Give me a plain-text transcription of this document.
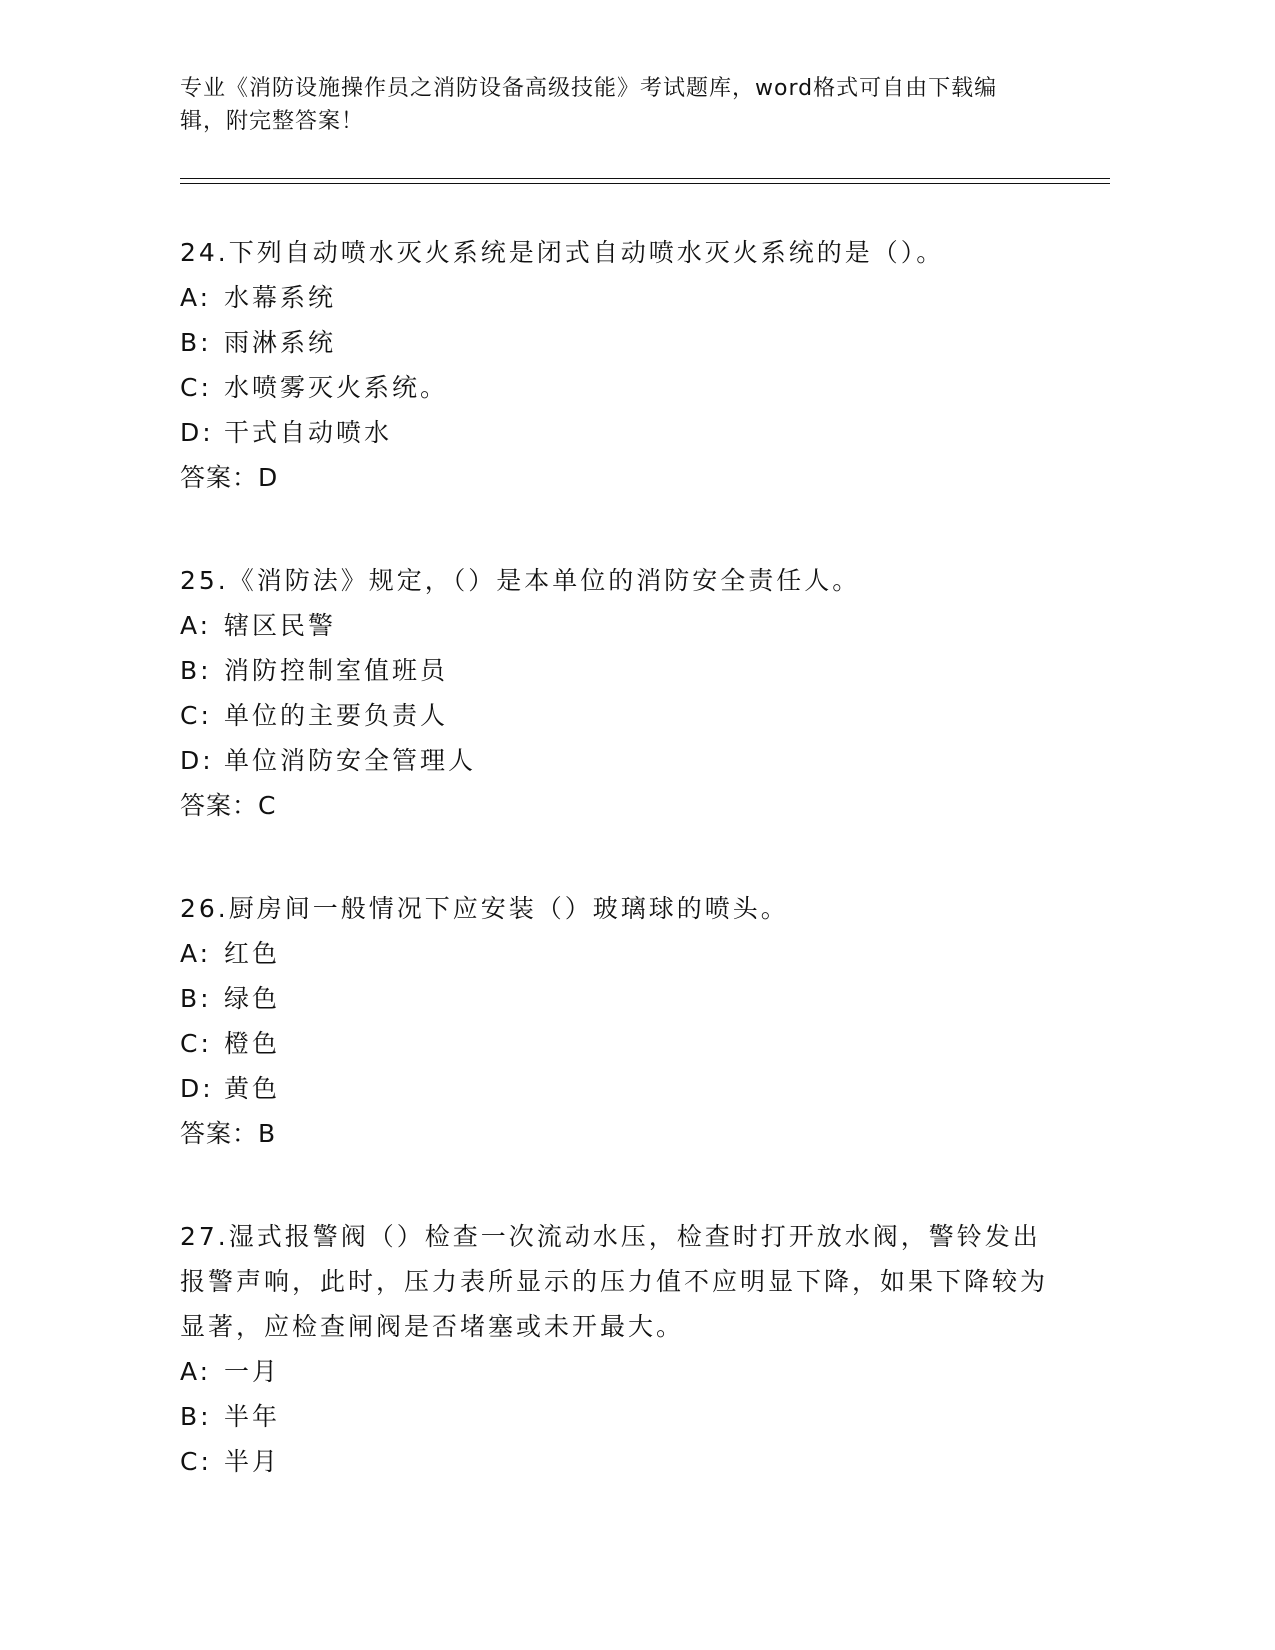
专业《消防设施操作员之消防设备高级技能》考试题库，word格式可自由下载编辑，附完整答案！
24.下列自动喷水灭火系统是闭式自动喷水灭火系统的是（）。
A: 水幕系统
B: 雨淋系统
C: 水喷雾灭火系统。
D: 干式自动喷水
答案：D
25.《消防法》规定，（）是本单位的消防安全责任人。
A: 辖区民警
B: 消防控制室值班员
C: 单位的主要负责人
D: 单位消防安全管理人
答案：C
26.厨房间一般情况下应安装（）玻璃球的喷头。
A: 红色
B: 绿色
C: 橙色
D: 黄色
答案：B
27.湿式报警阀（）检查一次流动水压，检查时打开放水阀，警铃发出报警声响，此时，压力表所显示的压力值不应明显下降，如果下降较为显著，应检查闸阀是否堵塞或未开最大。
A: 一月
B: 半年
C: 半月
